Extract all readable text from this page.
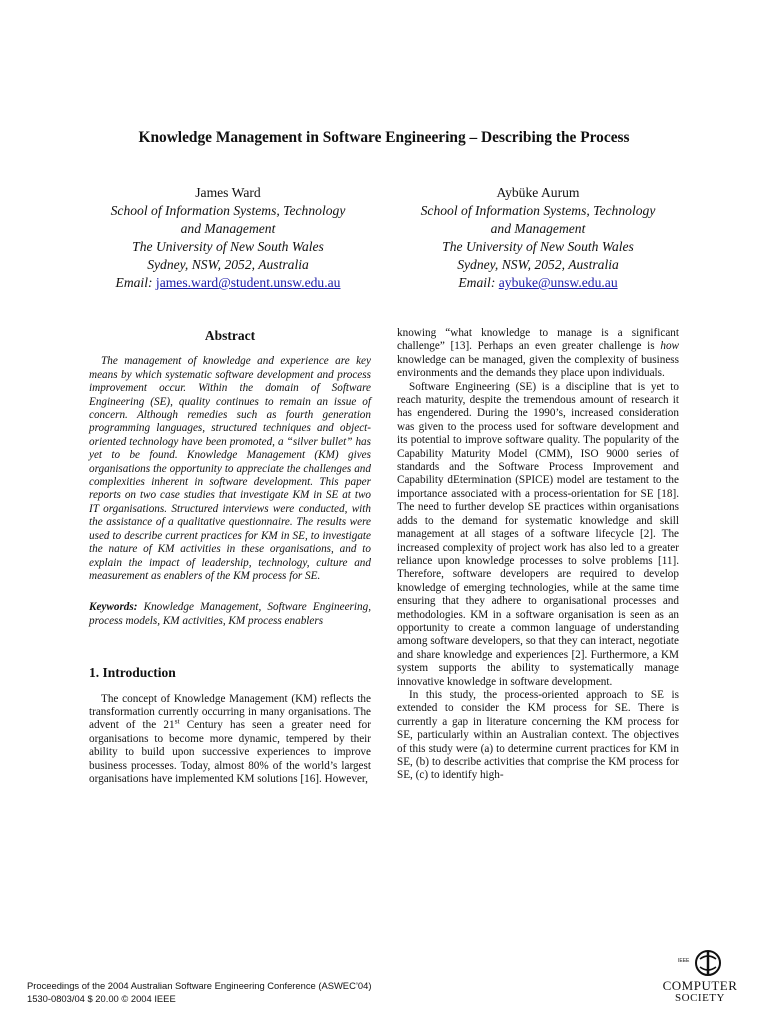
Knowledge Management in Software Engineering – Describing the Process
James Ward
School of Information Systems, Technology
and Management
The University of New South Wales
Sydney, NSW, 2052, Australia
Email: james.ward@student.unsw.edu.au
Aybüke Aurum
School of Information Systems, Technology
and Management
The University of New South Wales
Sydney, NSW, 2052, Australia
Email: aybuke@unsw.edu.au
Abstract

The management of knowledge and experience are key means by which systematic software development and process improvement occur. Within the domain of Software Engineering (SE), quality continues to remain an issue of concern. Although remedies such as fourth generation programming languages, structured techniques and object-oriented technology have been promoted, a “silver bullet” has yet to be found. Knowledge Management (KM) gives organisations the opportunity to appreciate the challenges and complexities inherent in software development. This paper reports on two case studies that investigate KM in SE at two IT organisations. Structured interviews were conducted, with the assistance of a qualitative questionnaire. The results were used to describe current practices for KM in SE, to investigate the nature of KM activities in these organisations, and to explain the impact of leadership, technology, culture and measurement as enablers of the KM process for SE.

Keywords: Knowledge Management, Software Engineering, process models, KM activities, KM process enablers

1. Introduction

The concept of Knowledge Management (KM) reflects the transformation currently occurring in many organisations. The advent of the 21st Century has seen a greater need for organisations to become more dynamic, tempered by their ability to build upon successive experiences to improve business processes. Today, almost 80% of the world’s largest organisations have implemented KM solutions [16]. However,

knowing “what knowledge to manage is a significant challenge” [13]. Perhaps an even greater challenge is how knowledge can be managed, given the complexity of business environments and the demands they place upon individuals.

Software Engineering (SE) is a discipline that is yet to reach maturity, despite the tremendous amount of research it has engendered. During the 1990’s, increased consideration was given to the process used for software development and its potential to improve software quality. The popularity of the Capability Maturity Model (CMM), ISO 9000 series of standards and the Software Process Improvement and Capability dEtermination (SPICE) model are testament to the importance associated with a process-orientation for SE [18]. The need to further develop SE practices within organisations adds to the demand for systematic knowledge and skill management at all stages of a software lifecycle [2]. The increased complexity of project work has also led to a greater reliance upon knowledge processes to solve problems [11]. Therefore, software developers are required to develop knowledge of emerging technologies, while at the same time ensuring that they adhere to organisational processes and methodologies. KM in a software organisation is seen as an opportunity to create a common language of understanding among software developers, so that they can interact, negotiate and share knowledge and experiences [2]. Furthermore, a KM system supports the ability to systematically manage innovative knowledge in software development.

In this study, the process-oriented approach to SE is extended to consider the KM process for SE. There is currently a gap in literature concerning the KM process for SE, particularly within an Australian context. The objectives of this study were (a) to determine current practices for KM in SE, (b) to describe activities that comprise the KM process for SE, (c) to identify high-

Proceedings of the 2004 Australian Software Engineering Conference (ASWEC’04)
1530-0803/04 $ 20.00 © 2004 IEEE
IEEE
COMPUTER
SOCIETY
